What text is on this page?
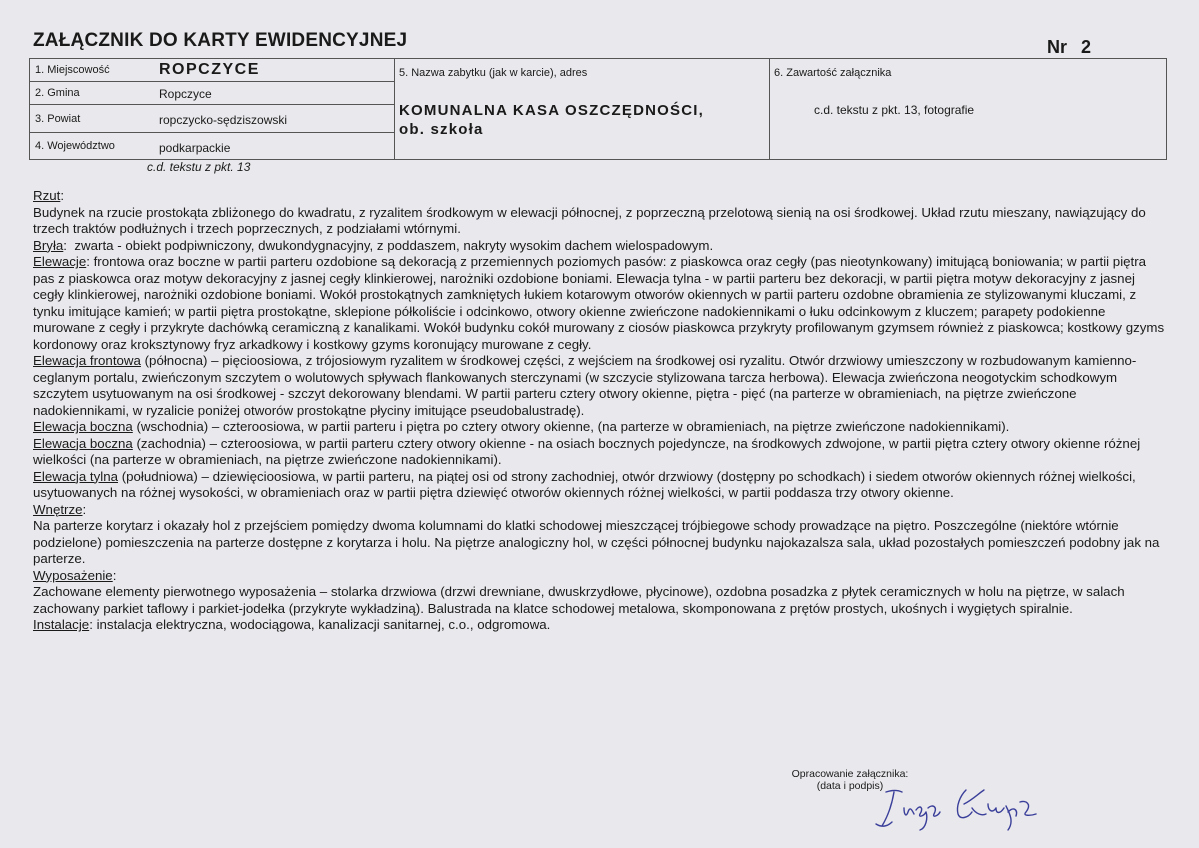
ZAŁĄCZNIK DO KARTY EWIDENCYJNEJ	Nr 2
1. Miejscowość	ROPCZYCE
2. Gmina	Ropczyce
3. Powiat	ropczycko-sędziszowski
4. Województwo	podkarpackie
5. Nazwa zabytku (jak w karcie), adres
KOMUNALNA KASA OSZCZĘDNOŚCI,
ob. szkoła
6. Zawartość załącznika
c.d. tekstu z pkt. 13, fotografie
c.d. tekstu z pkt. 13

Rzut:

Budynek na rzucie prostokąta zbliżonego do kwadratu, z ryzalitem środkowym w elewacji północnej, z poprzeczną przelotową sienią na osi środkowej. Układ rzutu mieszany, nawiązujący do trzech traktów podłużnych i trzech poprzecznych, z podziałami wtórnymi.

Bryła:  zwarta - obiekt podpiwniczony, dwukondygnacyjny, z poddaszem, nakryty wysokim dachem wielospadowym.

Elewacje: frontowa oraz boczne w partii parteru ozdobione są dekoracją z przemiennych poziomych pasów: z piaskowca oraz cegły (pas nieotynkowany) imitującą boniowania; w partii piętra pas z piaskowca oraz motyw dekoracyjny z jasnej cegły klinkierowej, narożniki ozdobione boniami. Elewacja tylna - w partii parteru bez dekoracji, w partii piętra motyw dekoracyjny z jasnej cegły klinkierowej, narożniki ozdobione boniami. Wokół prostokątnych zamkniętych łukiem kotarowym otworów okiennych w partii parteru ozdobne obramienia ze stylizowanymi kluczami, z tynku imitujące kamień; w partii piętra prostokątne, sklepione półkoliście i odcinkowo, otwory okienne zwieńczone nadokiennikami o łuku odcinkowym z kluczem; parapety podokienne murowane z cegły i przykryte dachówką ceramiczną z kanalikami. Wokół budynku cokół murowany z ciosów piaskowca przykryty profilowanym gzymsem również z piaskowca; kostkowy gzyms kordonowy oraz krokszt​ynowy fryz arkadkowy i kostkowy gzyms koronujący murowane z cegły.

Elewacja frontowa (północna) – pięcioosiowa, z trójosiowym ryzalitem w środkowej części, z wejściem na środkowej osi ryzalitu. Otwór drzwiowy umieszczony w rozbudowanym kamienno-ceglanym portalu, zwieńczonym szczytem o wolutowych spływach flankowanych sterczynami (w szczycie stylizowana tarcza herbowa). Elewacja zwieńczona neogotyckim schodkowym szczytem usytuowanym na osi środkowej - szczyt dekorowany blendami. W partii parteru cztery otwory okienne, piętra - pięć (na parterze w obramieniach, na piętrze zwieńczone nadokiennikami, w ryzalicie poniżej otworów prostokątne płyciny imitujące pseudobalustradę).

Elewacja boczna (wschodnia) – czteroosiowa, w partii parteru i piętra po cztery otwory okienne, (na parterze w obramieniach, na piętrze zwieńczone nadokiennikami).

Elewacja boczna (zachodnia) – czteroosiowa, w partii parteru cztery otwory okienne - na osiach bocznych pojedyncze, na środkowych zdwojone, w partii piętra cztery otwory okienne różnej wielkości (na parterze w obramieniach, na piętrze zwieńczone nadokiennikami).

Elewacja tylna (południowa) – dziewięcioosiowa, w partii parteru, na piątej osi od strony zachodniej, otwór drzwiowy (dostępny po schodkach) i siedem otworów okiennych różnej wielkości, usytuowanych na różnej wysokości, w obramieniach oraz w partii piętra dziewięć otworów okiennych różnej wielkości, w partii poddasza trzy otwory okienne.

Wnętrze:

Na parterze korytarz i okazały hol z przejściem pomiędzy dwoma kolumnami do klatki schodowej mieszczącej trójbiegowe schody prowadzące na piętro. Poszczególne (niektóre wtórnie podzielone) pomieszczenia na parterze dostępne z korytarza i holu. Na piętrze analogiczny hol, w części północnej budynku najokazalsza sala, układ pozostałych pomieszczeń podobny jak na parterze.

Wyposażenie:

Zachowane elementy pierwotnego wyposażenia – stolarka drzwiowa (drzwi drewniane, dwuskrzydłowe, płycinowe), ozdobna posadzka z płytek ceramicznych w holu na piętrze, w salach zachowany parkiet taflowy i parkiet-jodełka (przykryte wykładziną). Balustrada na klatce schodowej metalowa, skomponowana z prętów prostych, ukośnych i wygiętych spiralnie.

Instalacje: instalacja elektryczna, wodociągowa, kanalizacji sanitarnej, c.o., odgromowa.

Opracowanie załącznika:
(data i podpis)
